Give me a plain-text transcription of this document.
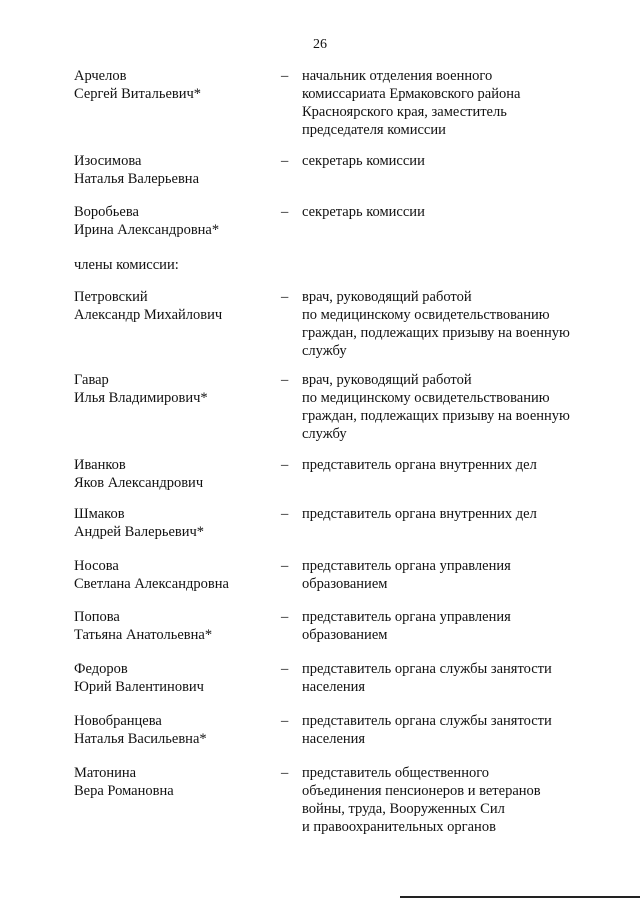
26
Арчелов
Сергей Витальевич*
– начальник отделения военного
комиссариата Ермаковского района
Красноярского края, заместитель
председателя комиссии
Изосимова
Наталья Валерьевна
– секретарь комиссии
Воробьева
Ирина Александровна*
– секретарь комиссии
члены комиссии:
Петровский
Александр Михайлович
– врач, руководящий работой
по медицинскому освидетельствованию
граждан, подлежащих призыву на военную
службу
Гавар
Илья Владимирович*
– врач, руководящий работой
по медицинскому освидетельствованию
граждан, подлежащих призыву на военную
службу
Иванков
Яков Александрович
– представитель органа внутренних дел
Шмаков
Андрей Валерьевич*
– представитель органа внутренних дел
Носова
Светлана Александровна
– представитель органа управления
образованием
Попова
Татьяна Анатольевна*
– представитель органа управления
образованием
Федоров
Юрий Валентинович
– представитель органа службы занятости
населения
Новобранцева
Наталья Васильевна*
– представитель органа службы занятости
населения
Матонина
Вера Романовна
– представитель общественного
объединения пенсионеров и ветеранов
войны, труда, Вооруженных Сил
и правоохранительных органов
